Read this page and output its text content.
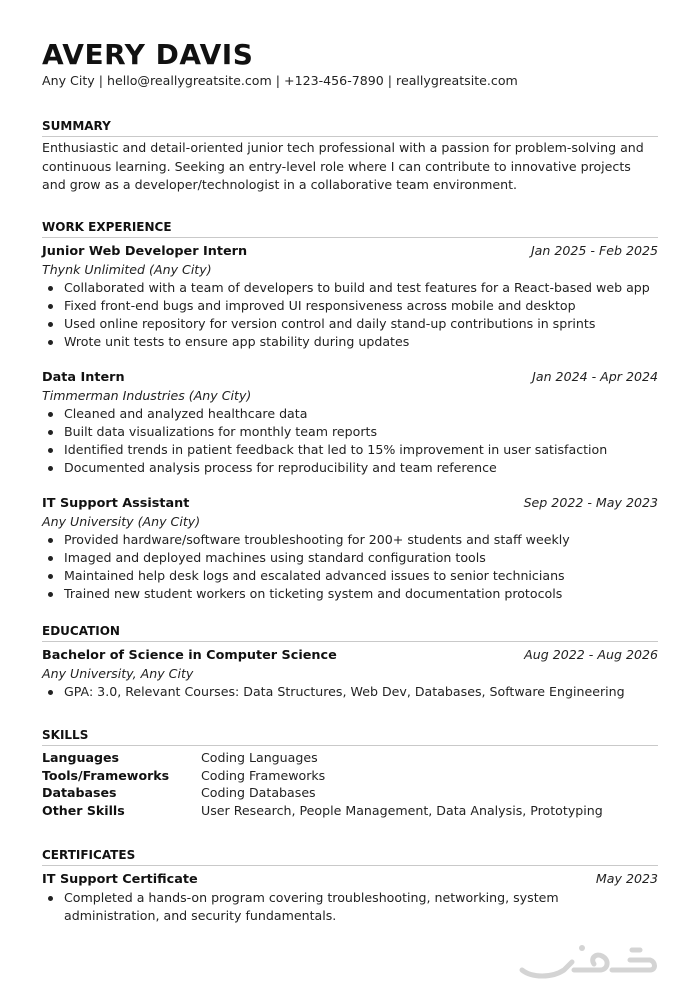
AVERY DAVIS
Any City | hello@reallygreatsite.com | +123-456-7890 | reallygreatsite.com
SUMMARY
Enthusiastic and detail-oriented junior tech professional with a passion for problem-solving and continuous learning. Seeking an entry-level role where I can contribute to innovative projects and grow as a developer/technologist in a collaborative team environment.
WORK EXPERIENCE
Junior Web Developer Intern	Jan 2025 - Feb 2025
Thynk Unlimited (Any City)
Collaborated with a team of developers to build and test features for a React-based web app
Fixed front-end bugs and improved UI responsiveness across mobile and desktop
Used online repository for version control and daily stand-up contributions in sprints
Wrote unit tests to ensure app stability during updates
Data Intern	Jan 2024 - Apr 2024
Timmerman Industries (Any City)
Cleaned and analyzed healthcare data
Built data visualizations for monthly team reports
Identified trends in patient feedback that led to 15% improvement in user satisfaction
Documented analysis process for reproducibility and team reference
IT Support Assistant	Sep 2022 - May 2023
Any University (Any City)
Provided hardware/software troubleshooting for 200+ students and staff weekly
Imaged and deployed machines using standard configuration tools
Maintained help desk logs and escalated advanced issues to senior technicians
Trained new student workers on ticketing system and documentation protocols
EDUCATION
Bachelor of Science in Computer Science	Aug 2022 - Aug 2026
Any University, Any City
GPA: 3.0, Relevant Courses: Data Structures, Web Dev, Databases, Software Engineering
SKILLS
Languages	Coding Languages
Tools/Frameworks	Coding Frameworks
Databases	Coding Databases
Other Skills	User Research, People Management, Data Analysis, Prototyping
CERTIFICATES
IT Support Certificate	May 2023
Completed a hands-on program covering troubleshooting, networking, system administration, and security fundamentals.
